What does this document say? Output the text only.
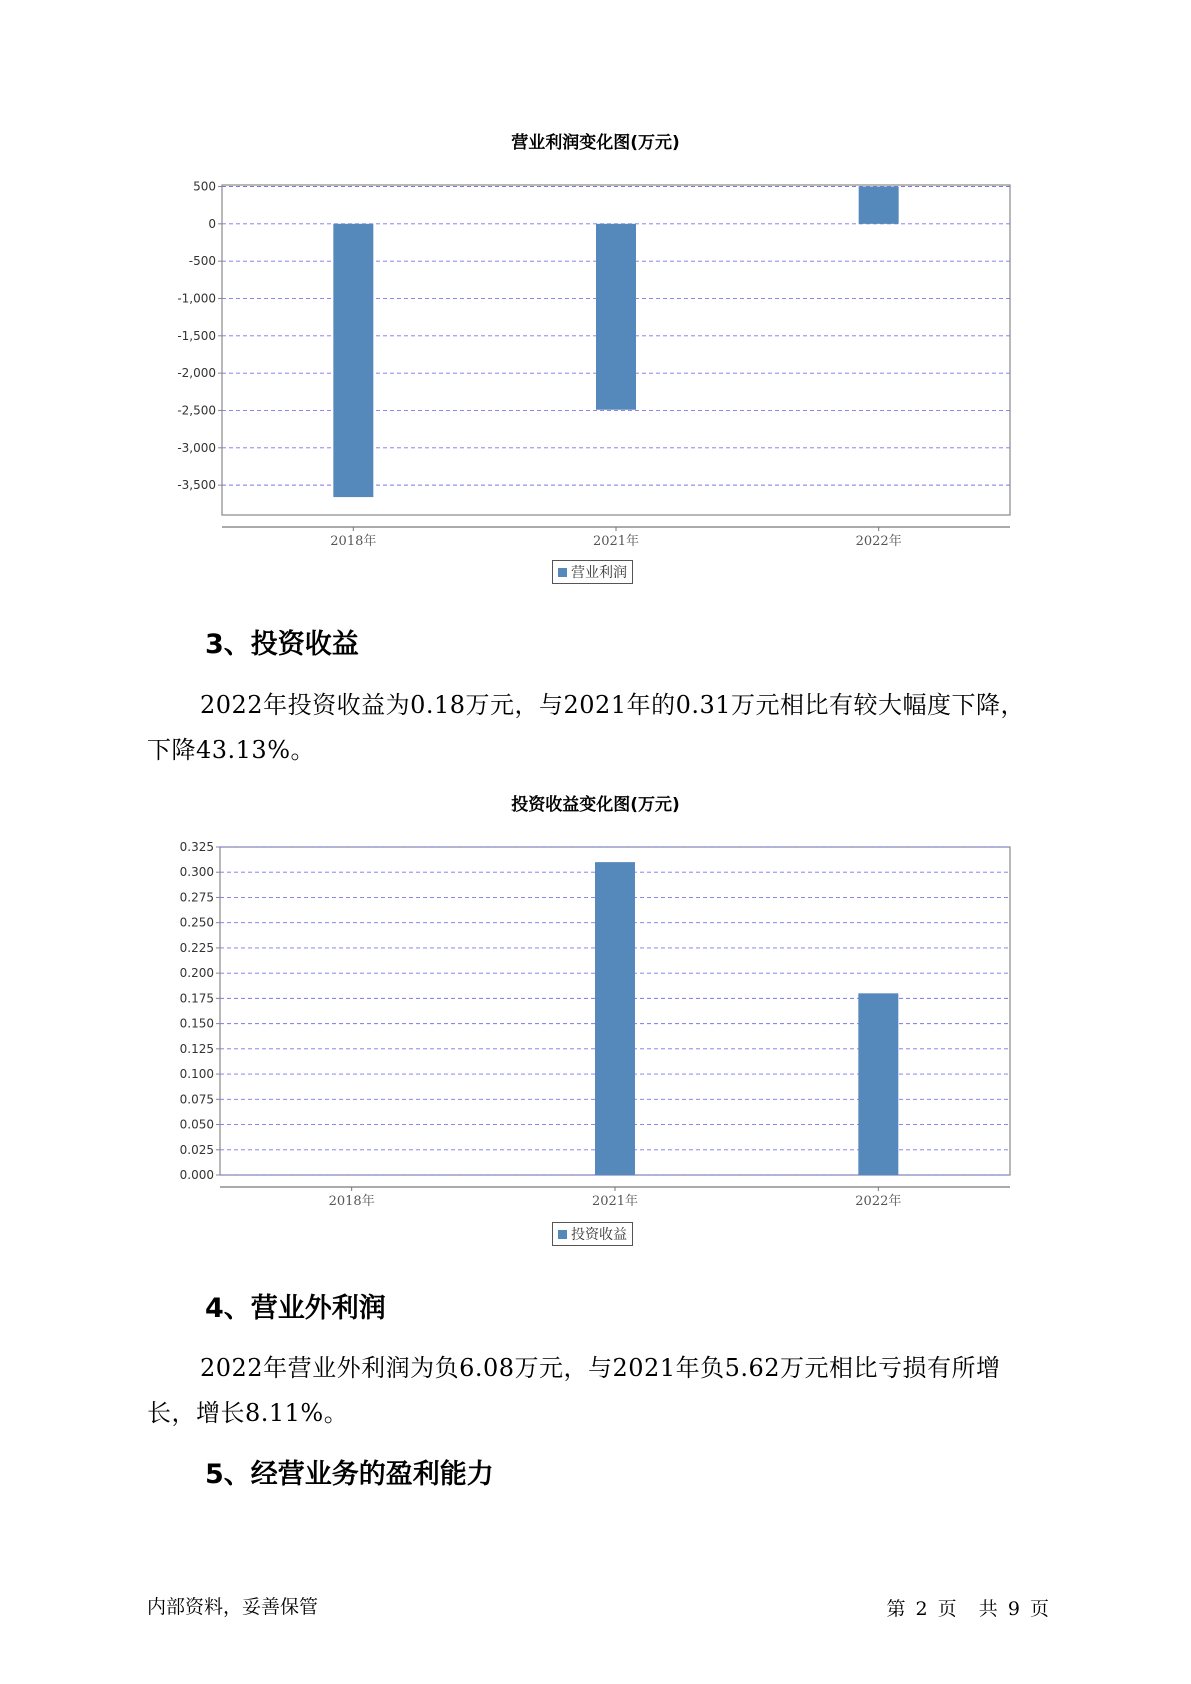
营业利润变化图(万元)
500
0
-500
-1,000
-1,500
-2,000
-2,500
-3,000
-3,500
2018年	2021年	2022年
营业利润
3、投资收益
2022年投资收益为0.18万元，与2021年的0.31万元相比有较大幅度下降，下降43.13%。
投资收益变化图(万元)
0.325
0.300
0.275
0.250
0.225
0.200
0.175
0.150
0.125
0.100
0.075
0.050
0.025
0.000
2018年	2021年	2022年
投资收益
4、营业外利润
2022年营业外利润为负6.08万元，与2021年负5.62万元相比亏损有所增长，增长8.11%。
5、经营业务的盈利能力
内部资料，妥善保管	第 2 页 共 9 页
